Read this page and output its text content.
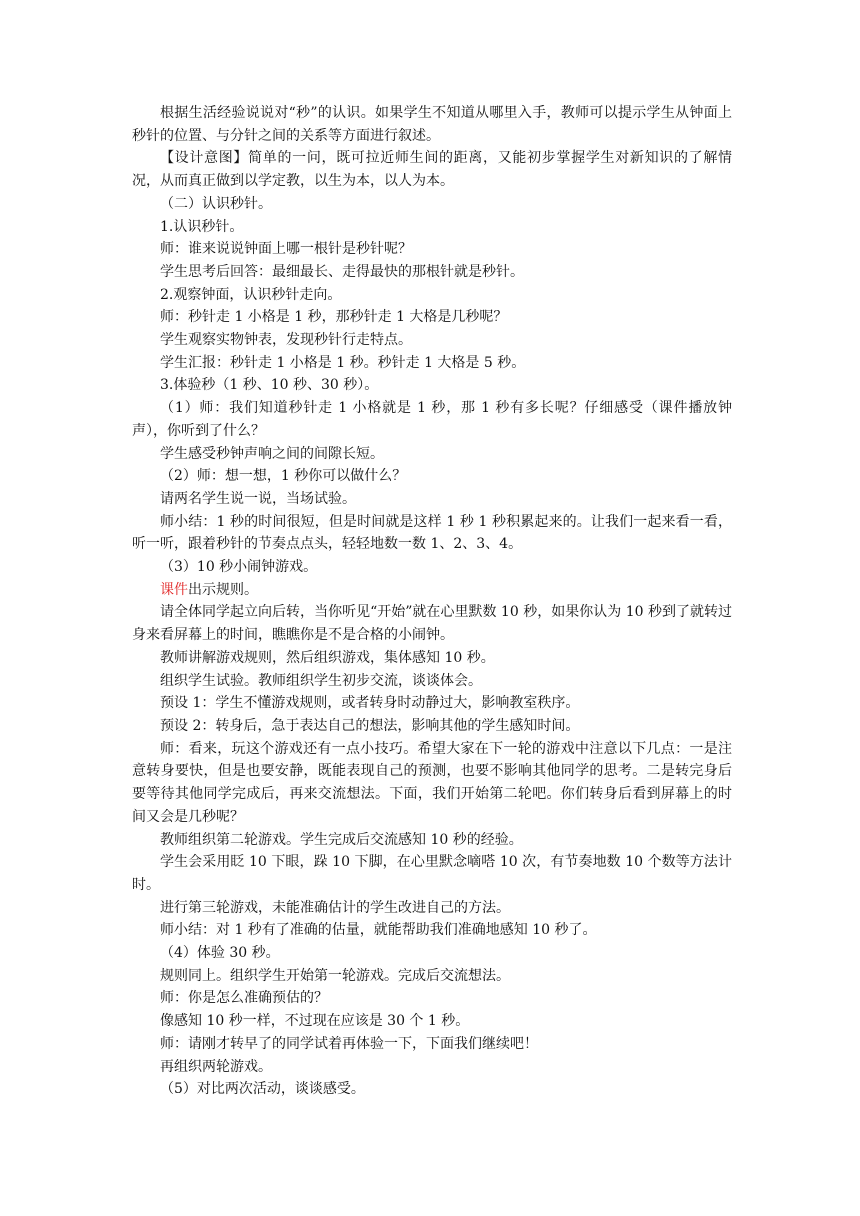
根据生活经验说说对“秒”的认识。如果学生不知道从哪里入手，教师可以提示学生从钟面上秒针的位置、与分针之间的关系等方面进行叙述。

【设计意图】简单的一问，既可拉近师生间的距离，又能初步掌握学生对新知识的了解情况，从而真正做到以学定教，以生为本，以人为本。

（二）认识秒针。

1.认识秒针。

师：谁来说说钟面上哪一根针是秒针呢？

学生思考后回答：最细最长、走得最快的那根针就是秒针。

2.观察钟面，认识秒针走向。

师：秒针走 1 小格是 1 秒，那秒针走 1 大格是几秒呢？

学生观察实物钟表，发现秒针行走特点。

学生汇报：秒针走 1 小格是 1 秒。秒针走 1 大格是 5 秒。

3.体验秒（1 秒、10 秒、30 秒）。

（1）师：我们知道秒针走 1 小格就是 1 秒，那 1 秒有多长呢？仔细感受（课件播放钟声），你听到了什么？

学生感受秒钟声响之间的间隙长短。

（2）师：想一想，1 秒你可以做什么？

请两名学生说一说，当场试验。

师小结：1 秒的时间很短，但是时间就是这样 1 秒 1 秒积累起来的。让我们一起来看一看，听一听，跟着秒针的节奏点点头，轻轻地数一数 1、2、3、4。

（3）10 秒小闹钟游戏。

课件出示规则。

请全体同学起立向后转，当你听见“开始”就在心里默数 10 秒，如果你认为 10 秒到了就转过身来看屏幕上的时间，瞧瞧你是不是合格的小闹钟。

教师讲解游戏规则，然后组织游戏，集体感知 10 秒。

组织学生试验。教师组织学生初步交流，谈谈体会。

预设 1：学生不懂游戏规则，或者转身时动静过大，影响教室秩序。

预设 2：转身后，急于表达自己的想法，影响其他的学生感知时间。

师：看来，玩这个游戏还有一点小技巧。希望大家在下一轮的游戏中注意以下几点：一是注意转身要快，但是也要安静，既能表现自己的预测，也要不影响其他同学的思考。二是转完身后要等待其他同学完成后，再来交流想法。下面，我们开始第二轮吧。你们转身后看到屏幕上的时间又会是几秒呢？

教师组织第二轮游戏。学生完成后交流感知 10 秒的经验。

学生会采用眨 10 下眼，跺 10 下脚，在心里默念嘀嗒 10 次，有节奏地数 10 个数等方法计时。

进行第三轮游戏，未能准确估计的学生改进自己的方法。

师小结：对 1 秒有了准确的估量，就能帮助我们准确地感知 10 秒了。

（4）体验 30 秒。

规则同上。组织学生开始第一轮游戏。完成后交流想法。

师：你是怎么准确预估的？

像感知 10 秒一样，不过现在应该是 30 个 1 秒。

师：请刚才转早了的同学试着再体验一下，下面我们继续吧！

再组织两轮游戏。

（5）对比两次活动，谈谈感受。
